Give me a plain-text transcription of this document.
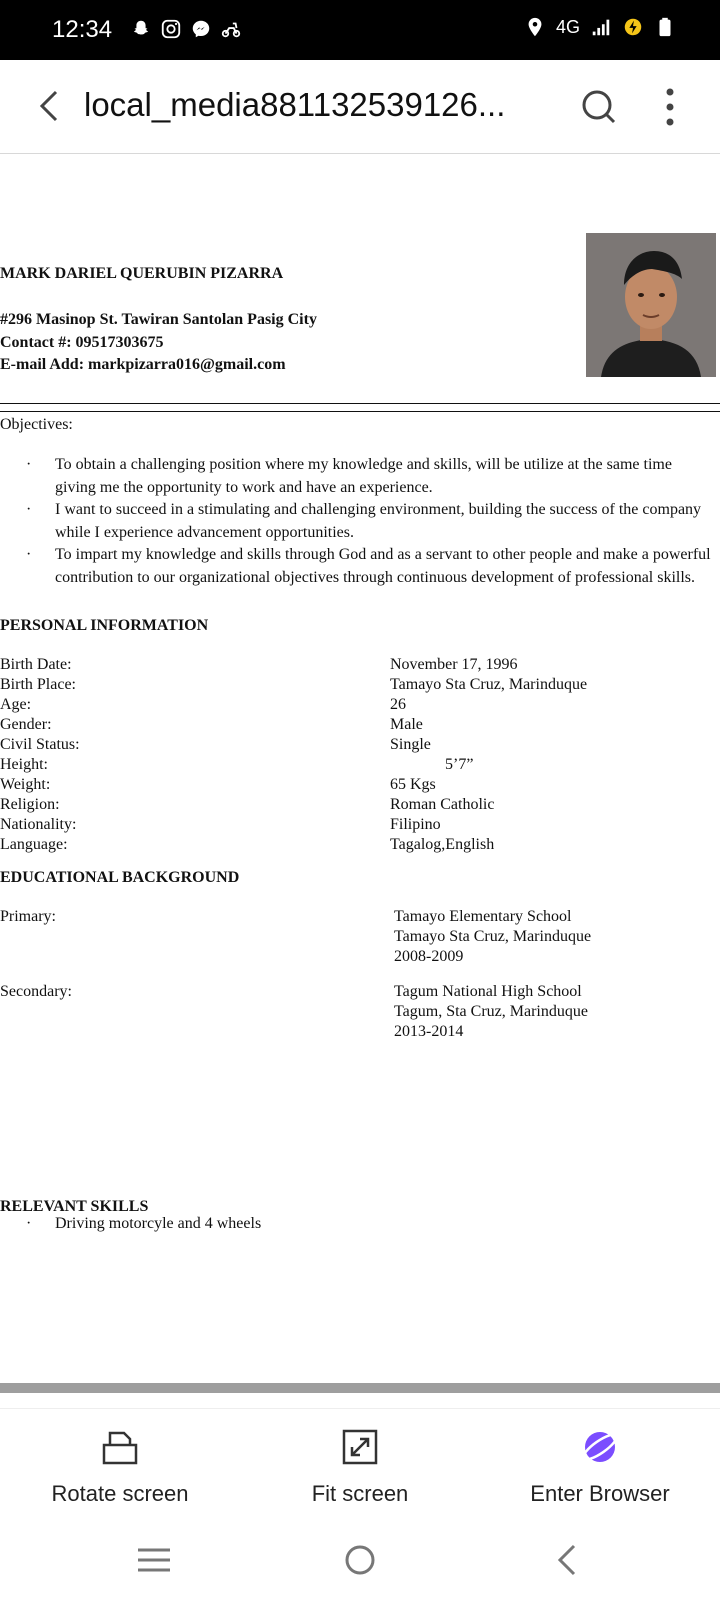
12:34	4G
local_media881132539126...
MARK DARIEL QUERUBIN PIZARRA
#296 Masinop St. Tawiran Santolan Pasig City
Contact #: 09517303675
E-mail Add: markpizarra016@gmail.com
Objectives:
· To obtain a challenging position where my knowledge and skills, will be utilize at the same time giving me the opportunity to work and have an experience.
· I want to succeed in a stimulating and challenging environment, building the success of the company while I experience advancement opportunities.
· To impart my knowledge and skills through God and as a servant to other people and make a powerful contribution to our organizational objectives through continuous development of professional skills.
PERSONAL INFORMATION
Birth Date:	November 17, 1996
Birth Place:	Tamayo Sta Cruz, Marinduque
Age:	26
Gender:	Male
Civil Status:	Single
Height:	5’7”
Weight:	65 Kgs
Religion:	Roman Catholic
Nationality:	Filipino
Language:	Tagalog,English
EDUCATIONAL BACKGROUND
Primary:	Tamayo Elementary School
Tamayo Sta Cruz, Marinduque
2008-2009
Secondary:	Tagum National High School
Tagum, Sta Cruz, Marinduque
2013-2014
RELEVANT SKILLS
· Driving motorcyle and 4 wheels
Rotate screen	Fit screen	Enter Browser
